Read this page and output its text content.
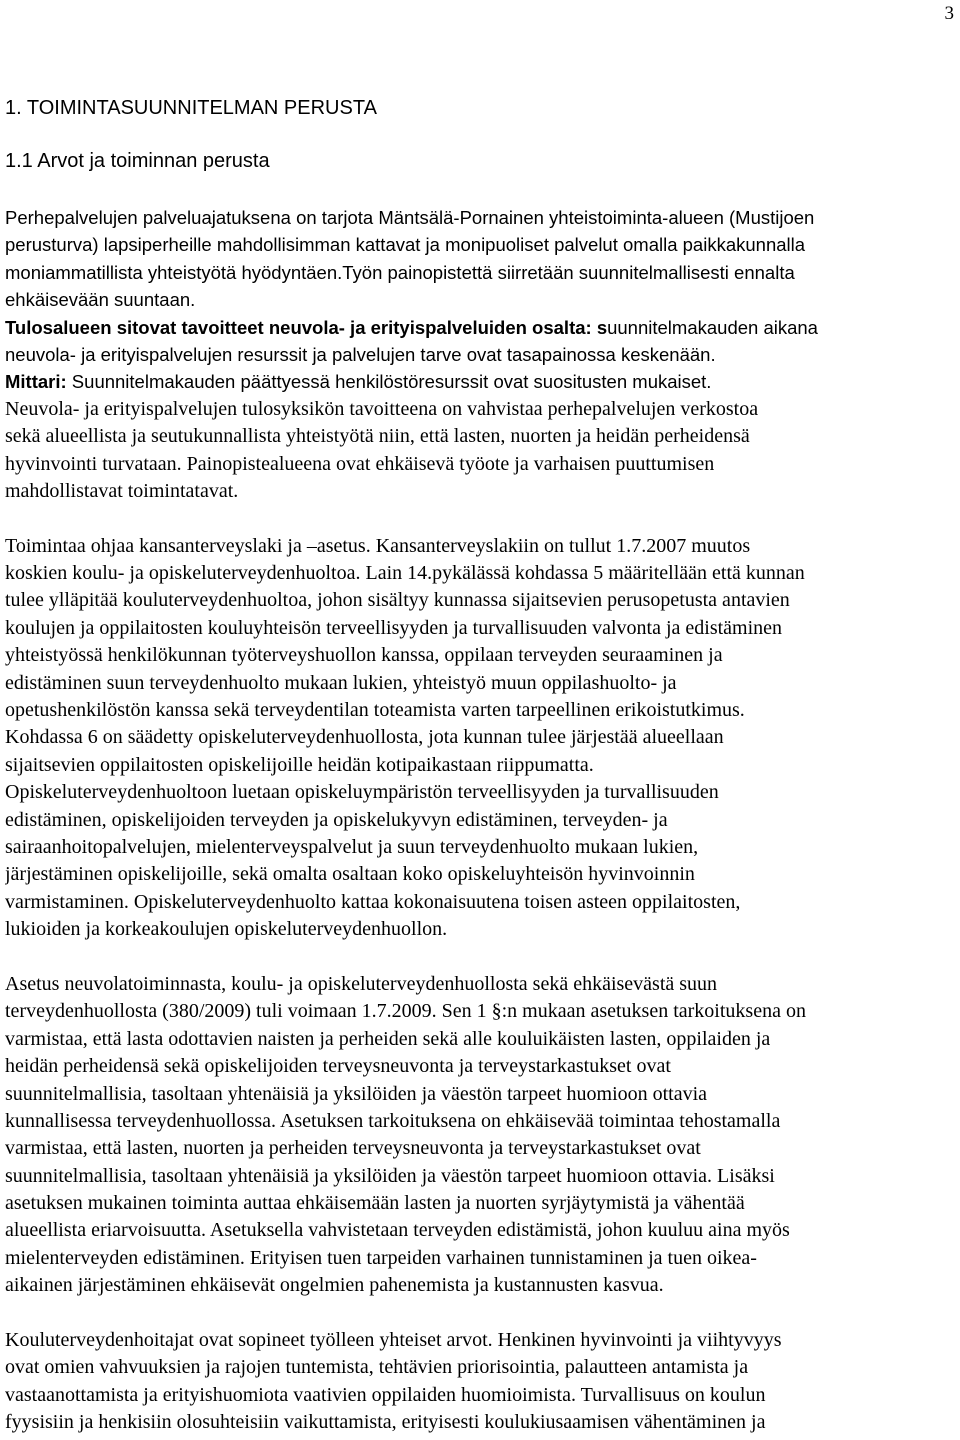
3
1. TOIMINTASUUNNITELMAN PERUSTA
1.1 Arvot ja toiminnan perusta
Perhepalvelujen palveluajatuksena on tarjota Mäntsälä-Pornainen yhteistoiminta-alueen (Mustijoen
perusturva) lapsiperheille mahdollisimman kattavat ja monipuoliset palvelut omalla paikkakunnalla
moniammatillista yhteistyötä hyödyntäen.Työn painopistettä siirretään suunnitelmallisesti ennalta
ehkäisevään suuntaan.
Tulosalueen sitovat tavoitteet neuvola- ja erityispalveluiden osalta: suunnitelmakauden aikana
neuvola- ja erityispalvelujen resurssit ja palvelujen tarve ovat tasapainossa keskenään.
Mittari: Suunnitelmakauden päättyessä henkilöstöresurssit ovat suositusten mukaiset.
Neuvola- ja erityispalvelujen tulosyksikön tavoitteena on vahvistaa perhepalvelujen verkostoa
sekä alueellista ja seutukunnallista yhteistyötä niin, että lasten, nuorten ja heidän perheidensä
hyvinvointi turvataan. Painopistealueena ovat ehkäisevä työote ja varhaisen puuttumisen
mahdollistavat toimintatavat.
Toimintaa ohjaa kansanterveyslaki ja –asetus. Kansanterveyslakiin on tullut 1.7.2007 muutos
koskien koulu- ja opiskeluterveydenhuoltoa. Lain 14.pykälässä kohdassa 5 määritellään että kunnan
tulee ylläpitää kouluterveydenhuoltoa, johon sisältyy kunnassa sijaitsevien perusopetusta antavien
koulujen ja oppilaitosten kouluyhteisön terveellisyyden ja turvallisuuden valvonta ja edistäminen
yhteistyössä henkilökunnan työterveyshuollon kanssa, oppilaan terveyden seuraaminen ja
edistäminen suun terveydenhuolto mukaan lukien, yhteistyö muun oppilashuolto- ja
opetushenkilöstön kanssa sekä terveydentilan toteamista varten tarpeellinen erikoistutkimus.
Kohdassa 6 on säädetty opiskeluterveydenhuollosta, jota kunnan tulee järjestää alueellaan
sijaitsevien oppilaitosten opiskelijoille heidän kotipaikastaan riippumatta.
Opiskeluterveydenhuoltoon luetaan opiskeluympäristön terveellisyyden ja turvallisuuden
edistäminen, opiskelijoiden terveyden ja opiskelukyvyn edistäminen, terveyden- ja
sairaanhoitopalvelujen, mielenterveyspalvelut ja suun terveydenhuolto mukaan lukien,
järjestäminen opiskelijoille, sekä omalta osaltaan koko opiskeluyhteisön hyvinvoinnin
varmistaminen. Opiskeluterveydenhuolto kattaa kokonaisuutena toisen asteen oppilaitosten,
lukioiden ja korkeakoulujen opiskeluterveydenhuollon.
Asetus neuvolatoiminnasta, koulu- ja opiskeluterveydenhuollosta sekä ehkäisevästä suun
terveydenhuollosta (380/2009) tuli voimaan 1.7.2009. Sen 1 §:n mukaan asetuksen tarkoituksena on
varmistaa, että lasta odottavien naisten ja perheiden sekä alle kouluikäisten lasten, oppilaiden ja
heidän perheidensä sekä opiskelijoiden terveysneuvonta ja terveystarkastukset ovat
suunnitelmallisia, tasoltaan yhtenäisiä ja yksilöiden ja väestön tarpeet huomioon ottavia
kunnallisessa terveydenhuollossa. Asetuksen tarkoituksena on ehkäisevää toimintaa tehostamalla
varmistaa, että lasten, nuorten ja perheiden terveysneuvonta ja terveystarkastukset ovat
suunnitelmallisia, tasoltaan yhtenäisiä ja yksilöiden ja väestön tarpeet huomioon ottavia. Lisäksi
asetuksen mukainen toiminta auttaa ehkäisemään lasten ja nuorten syrjäytymistä ja vähentää
alueellista eriarvoisuutta. Asetuksella vahvistetaan terveyden edistämistä, johon kuuluu aina myös
mielenterveyden edistäminen. Erityisen tuen tarpeiden varhainen tunnistaminen ja tuen oikea-
aikainen järjestäminen ehkäisevät ongelmien pahenemista ja kustannusten kasvua.
Kouluterveydenhoitajat ovat sopineet työlleen yhteiset arvot. Henkinen hyvinvointi ja viihtyvyys
ovat omien vahvuuksien ja rajojen tuntemista, tehtävien priorisointia, palautteen antamista ja
vastaanottamista ja erityishuomiota vaativien oppilaiden huomioimista. Turvallisuus on koulun
fyysisiin ja henkisiin olosuhteisiin vaikuttamista, erityisesti koulukiusaamisen vähentäminen ja
